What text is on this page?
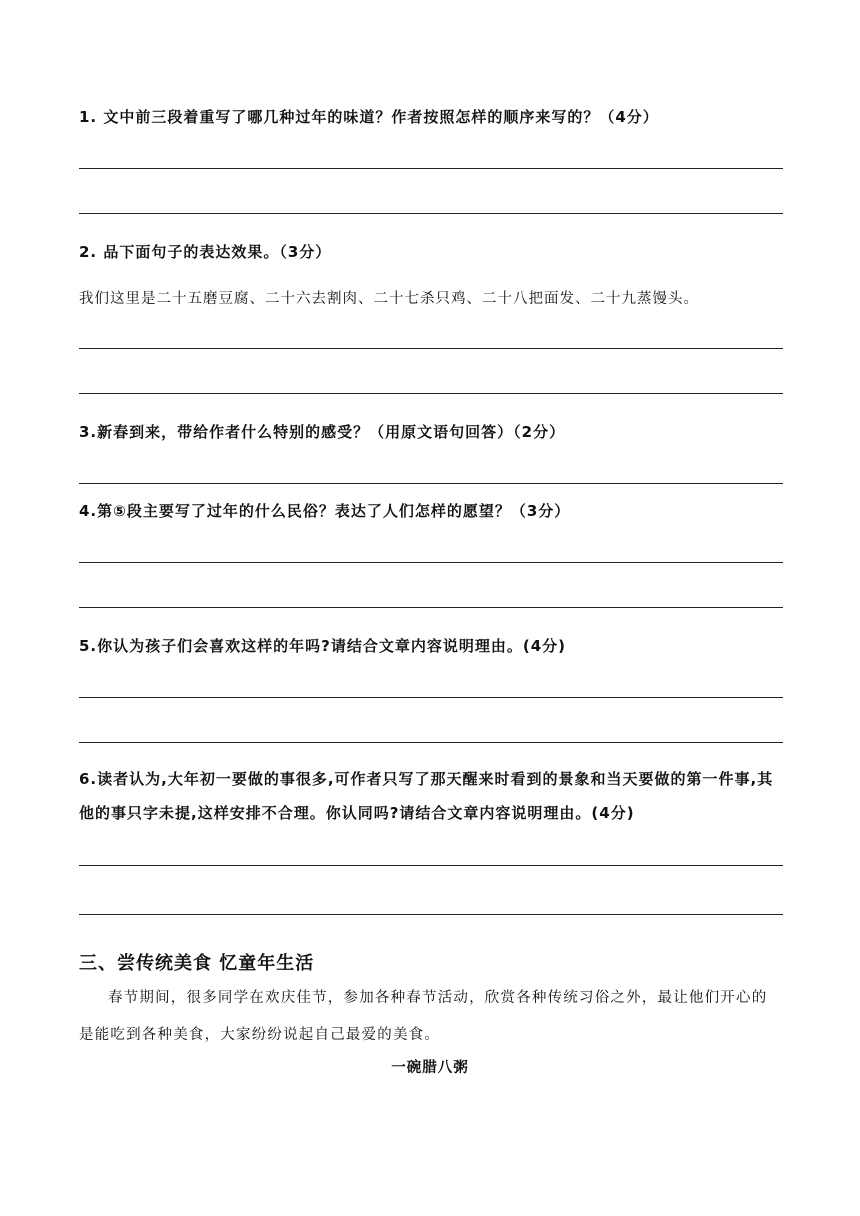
1. 文中前三段着重写了哪几种过年的味道？作者按照怎样的顺序来写的？（4分）
2. 品下面句子的表达效果。（3分）
我们这里是二十五磨豆腐、二十六去割肉、二十七杀只鸡、二十八把面发、二十九蒸馒头。
3.新春到来，带给作者什么特别的感受？（用原文语句回答）（2分）
4.第⑤段主要写了过年的什么民俗？表达了人们怎样的愿望？（3分）
5.你认为孩子们会喜欢这样的年吗?请结合文章内容说明理由。(4分)
6.读者认为,大年初一要做的事很多,可作者只写了那天醒来时看到的景象和当天要做的第一件事,其他的事只字未提,这样安排不合理。你认同吗?请结合文章内容说明理由。(4分)
三、尝传统美食 忆童年生活
春节期间，很多同学在欢庆佳节，参加各种春节活动，欣赏各种传统习俗之外，最让他们开心的是能吃到各种美食，大家纷纷说起自己最爱的美食。
一碗腊八粥
